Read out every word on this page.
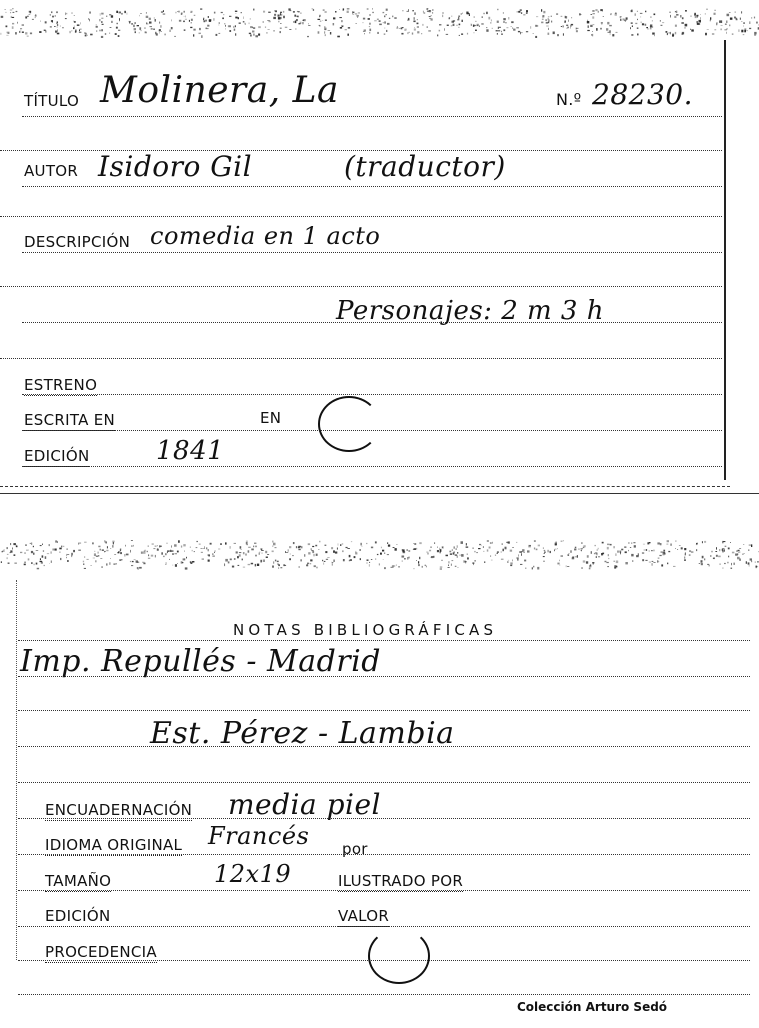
TÍTULO Molinera, La	N.º 28230.
AUTOR Isidoro Gil	(traductor)
DESCRIPCIÓN comedia en 1 acto
Personajes: 2 m 3 h
ESTRENO
ESCRITA EN	EN
EDICIÓN	1841
NOTAS BIBLIOGRÁFICAS
Imp. Repullés - Madrid
Est. Pérez - Lambia
ENCUADERNACIÓN media piel
IDIOMA ORIGINAL Francés por
TAMAÑO	12x19	ILUSTRADO POR
EDICIÓN	VALOR
PROCEDENCIA
Colección Arturo Sedó
